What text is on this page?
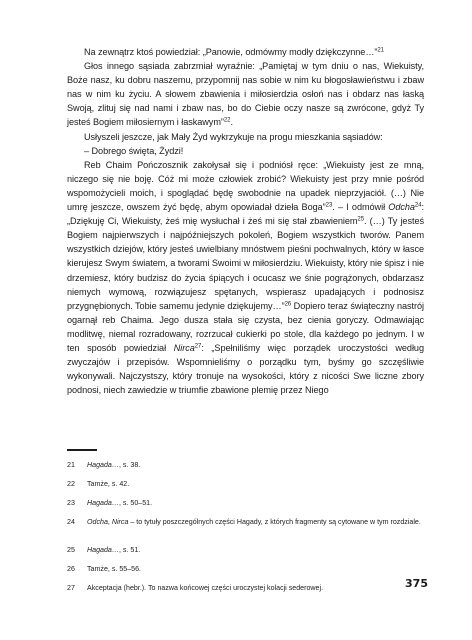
Na zewnątrz ktoś powiedział: „Panowie, odmówmy modły dziękczynne…”$^{21}$

Głos innego sąsiada zabrzmiał wyraźnie: „Pamiętaj w tym dniu o nas, Wiekuisty, Boże nasz, ku dobru naszemu, przypomnij nas sobie w nim ku błogosławieństwu i zbaw nas w nim ku życiu. A słowem zbawienia i miłosierdzia osłoń nas i obdarz nas łaską Swoją, zlituj się nad nami i zbaw nas, bo do Ciebie oczy nasze są zwrócone, gdyż Ty jesteś Bogiem miłosiernym i łaskawym”$^{22}$.

Usłyszeli jeszcze, jak Mały Żyd wykrzykuje na progu mieszkania sąsiadów:

– Dobrego święta, Żydzi!

Reb Chaim Pończosznik zakołysał się i podniósł ręce: „Wiekuisty jest ze mną, niczego się nie boję. Cóż mi może człowiek zrobić? Wiekuisty jest przy mnie pośród wspomożycieli moich, i spoglądać będę swobodnie na upadek nieprzyjaciół. (…) Nie umrę jeszcze, owszem żyć będę, abym opowiadał dzieła Boga”$^{23}$. – I odmówił Odcha$^{24}$: „Dziękuję Ci, Wiekuisty, żeś mię wysłuchał i żeś mi się stał zbawieniem$^{25}$. (…) Ty jesteś Bogiem najpierwszych i najpóźniejszych pokoleń, Bogiem wszystkich tworów. Panem wszystkich dziejów, który jesteś uwielbiany mnóstwem pieśni pochwalnych, który w łasce kierujesz Swym światem, a tworami Swoimi w miłosierdziu. Wiekuisty, który nie śpisz i nie drzemiesz, który budzisz do życia śpiących i ocucasz we śnie pogrążonych, obdarzasz niemych wymową, rozwiązujesz spętanych, wspierasz upadających i podnosisz przygnębionych. Tobie samemu jedynie dziękujemy…”$^{26}$ Dopiero teraz świąteczny nastrój ogarnął reb Chaima. Jego dusza stała się czysta, bez cienia goryczy. Odmawiając modlitwę, niemal rozradowany, rozrzucał cukierki po stole, dla każdego po jednym. I w ten sposób powiedział Nirca$^{27}$: „Spełniliśmy więc porządek uroczystości według zwyczajów i przepisów. Wspomnieliśmy o porządku tym, byśmy go szczęśliwie wykonywali. Najczystszy, który tronuje na wysokości, który z nicości Swe liczne zbory podnosi, niech zawiedzie w triumfie zbawione plemię przez Niego

21 Hagada…, s. 38.
22 Tamże, s. 42.
23 Hagada…, s. 50–51.
24 Odcha, Nirca – to tytuły poszczególnych części Hagady, z których fragmenty są cytowane w tym rozdziale.
25 Hagada…, s. 51.
26 Tamże, s. 55–56.
27 Akceptacja (hebr.). To nazwa końcowej części uroczystej kolacji sederowej.	375
